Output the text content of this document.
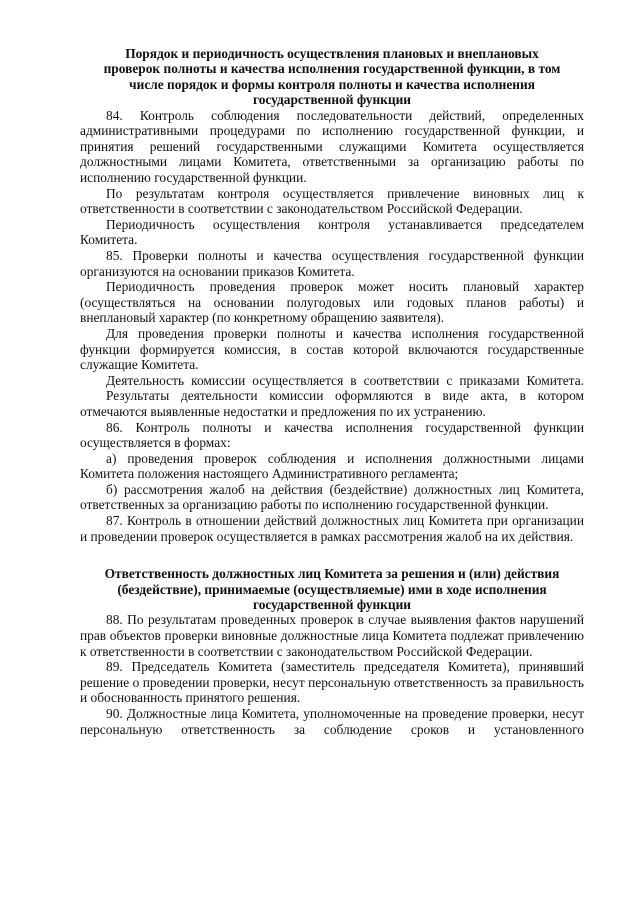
Порядок и периодичность осуществления плановых и внеплановых
проверок полноты и качества исполнения государственной функции, в том
числе порядок и формы контроля полноты и качества исполнения
государственной функции

84. Контроль соблюдения последовательности действий, определенных административными процедурами по исполнению государственной функции, и принятия решений государственными служащими Комитета осуществляется должностными лицами Комитета, ответственными за организацию работы по исполнению государственной функции.

По результатам контроля осуществляется привлечение виновных лиц к ответственности в соответствии с законодательством Российской Федерации.

Периодичность осуществления контроля устанавливается председателем Комитета.

85. Проверки полноты и качества осуществления государственной функции организуются на основании приказов Комитета.

Периодичность проведения проверок может носить плановый характер (осуществляться на основании полугодовых или годовых планов работы) и внеплановый характер (по конкретному обращению заявителя).

Для проведения проверки полноты и качества исполнения государственной функции формируется комиссия, в состав которой включаются государственные служащие Комитета.

Деятельность комиссии осуществляется в соответствии с приказами Комитета.

Результаты деятельности комиссии оформляются в виде акта, в котором отмечаются выявленные недостатки и предложения по их устранению.

86. Контроль полноты и качества исполнения государственной функции осуществляется в формах:

а) проведения проверок соблюдения и исполнения должностными лицами Комитета положения настоящего Административного регламента;

б) рассмотрения жалоб на действия (бездействие) должностных лиц Комитета, ответственных за организацию работы по исполнению государственной функции.

87. Контроль в отношении действий должностных лиц Комитета при организации и проведении проверок осуществляется в рамках рассмотрения жалоб на их действия.

Ответственность должностных лиц Комитета за решения и (или) действия
(бездействие), принимаемые (осуществляемые) ими в ходе исполнения
государственной функции

88. По результатам проведенных проверок в случае выявления фактов нарушений прав объектов проверки виновные должностные лица Комитета подлежат привлечению к ответственности в соответствии с законодательством Российской Федерации.

89. Председатель Комитета (заместитель председателя Комитета), принявший решение о проведении проверки, несут персональную ответственность за правильность и обоснованность принятого решения.

90. Должностные лица Комитета, уполномоченные на проведение проверки, несут персональную ответственность за соблюдение сроков и установленного
